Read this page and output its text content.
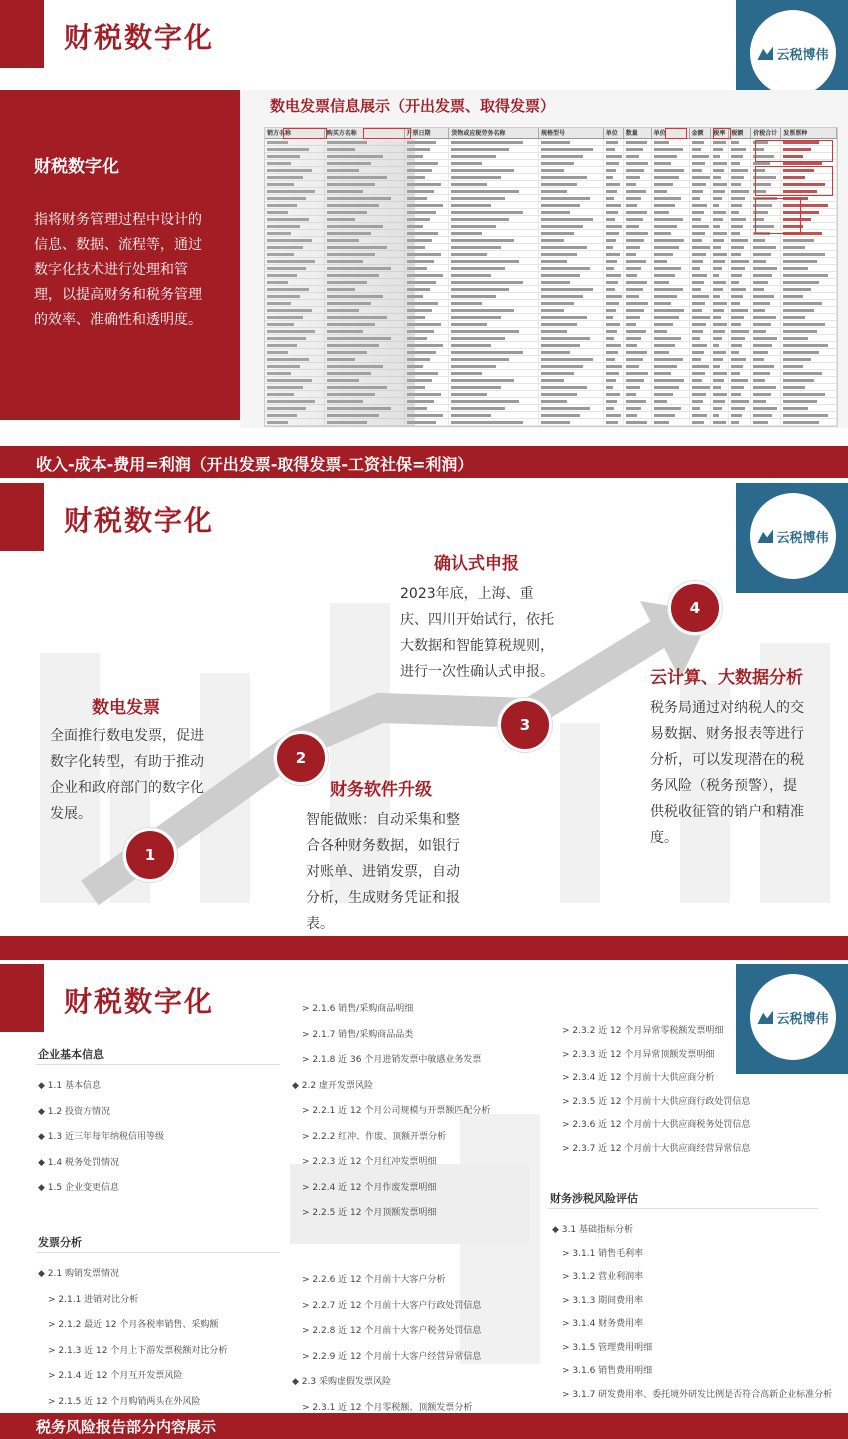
财税数字化
云税博伟
财税数字化
指将财务管理过程中设计的信息、数据、流程等，通过数字化技术进行处理和管理，以提高财务和税务管理的效率、准确性和透明度。
数电发票信息展示（开出发票、取得发票）
销方名称	购买方名称	开票日期	货物或应税劳务名称	规格型号	单位	数量	单价	金额	税率 税额	价税合计 发票票种
收入-成本-费用=利润（开出发票-取得发票-工资社保=利润）
财税数字化
云税博伟
1
2
3
4
数电发票
全面推行数电发票，促进数字化转型，有助于推动企业和政府部门的数字化发展。
财务软件升级
智能做账：自动采集和整合各种财务数据，如银行对账单、进销发票，自动分析，生成财务凭证和报表。
确认式申报
2023年底，上海、重庆、四川开始试行，依托大数据和智能算税规则，进行一次性确认式申报。	云计算、大数据分析
税务局通过对纳税人的交易数据、财务报表等进行分析，可以发现潜在的税务风险（税务预警），提供税收征管的销户和精准度。
财税数字化
云税博伟
企业基本信息
发票分析
◆ 1.1 基本信息
◆ 1.2 投资方情况
◆ 1.3 近三年每年纳税信用等级
◆ 1.4 税务处罚情况
◆ 1.5 企业变更信息
◆ 2.1 购销发票情况
> 2.1.1 进销对比分析
> 2.1.2 最近 12 个月各税率销售、采购额
> 2.1.3 近 12 个月上下游发票税额对比分析
> 2.1.4 近 12 个月互开发票风险
> 2.1.5 近 12 个月购销两头在外风险
> 2.1.6 销售/采购商品明细
> 2.1.7 销售/采购商品品类
> 2.1.8 近 36 个月进销发票中敏感业务发票
◆ 2.2 虚开发票风险
> 2.2.1 近 12 个月公司规模与开票额匹配分析
> 2.2.2 红冲、作废、顶额开票分析
> 2.2.3 近 12 个月红冲发票明细
> 2.2.4 近 12 个月作废发票明细
> 2.2.5 近 12 个月顶额发票明细
> 2.2.6 近 12 个月前十大客户分析
> 2.2.7 近 12 个月前十大客户行政处罚信息
> 2.2.8 近 12 个月前十大客户税务处罚信息
> 2.2.9 近 12 个月前十大客户经营异常信息
◆ 2.3 采购虚假发票风险
> 2.3.1 近 12 个月零税额、顶额发票分析
财务涉税风险评估
> 2.3.2 近 12 个月异常零税额发票明细
> 2.3.3 近 12 个月异常顶额发票明细
> 2.3.4 近 12 个月前十大供应商分析
> 2.3.5 近 12 个月前十大供应商行政处罚信息
> 2.3.6 近 12 个月前十大供应商税务处罚信息
> 2.3.7 近 12 个月前十大供应商经营异常信息
◆ 3.1 基础指标分析
> 3.1.1 销售毛利率
> 3.1.2 营业利润率
> 3.1.3 期间费用率
> 3.1.4 财务费用率
> 3.1.5 管理费用明细
> 3.1.6 销售费用明细
> 3.1.7 研发费用率、委托境外研发比例是否符合高新企业标准分析
税务风险报告部分内容展示
